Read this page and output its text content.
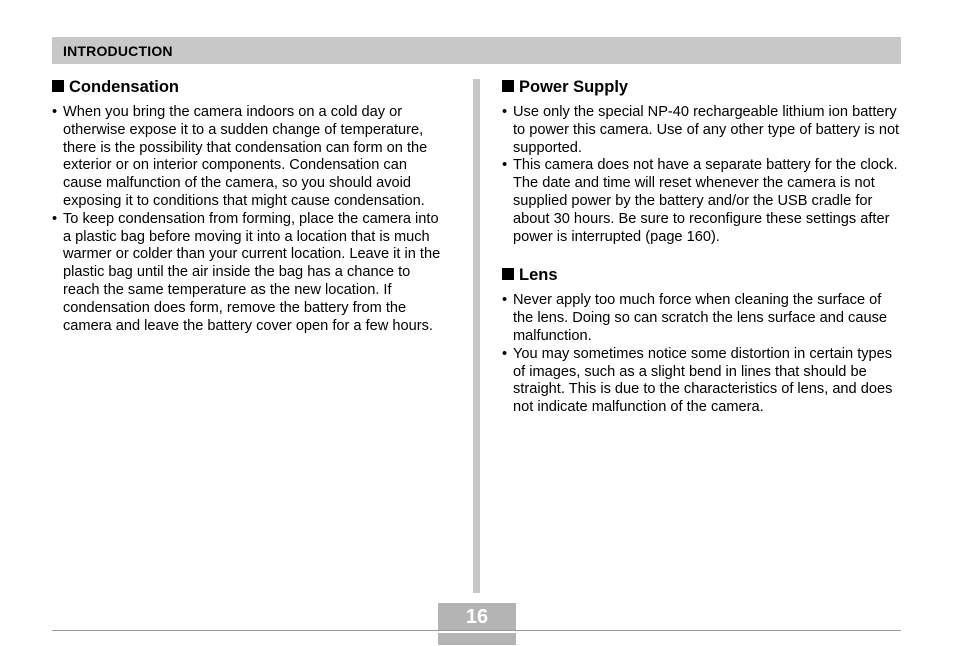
INTRODUCTION
Condensation
• When you bring the camera indoors on a cold day or otherwise expose it to a sudden change of temperature, there is the possibility that condensation can form on the exterior or on interior components. Condensation can cause malfunction of the camera, so you should avoid exposing it to conditions that might cause condensation.
• To keep condensation from forming, place the camera into a plastic bag before moving it into a location that is much warmer or colder than your current location. Leave it in the plastic bag until the air inside the bag has a chance to reach the same temperature as the new location. If condensation does form, remove the battery from the camera and leave the battery cover open for a few hours.
Power Supply
• Use only the special NP-40 rechargeable lithium ion battery to power this camera. Use of any other type of battery is not supported.
• This camera does not have a separate battery for the clock. The date and time will reset whenever the camera is not supplied power by the battery and/or the USB cradle for about 30 hours. Be sure to reconfigure these settings after power is interrupted (page 160).
Lens
• Never apply too much force when cleaning the surface of the lens. Doing so can scratch the lens surface and cause malfunction.
• You may sometimes notice some distortion in certain types of images, such as a slight bend in lines that should be straight. This is due to the characteristics of lens, and does not indicate malfunction of the camera.
16
